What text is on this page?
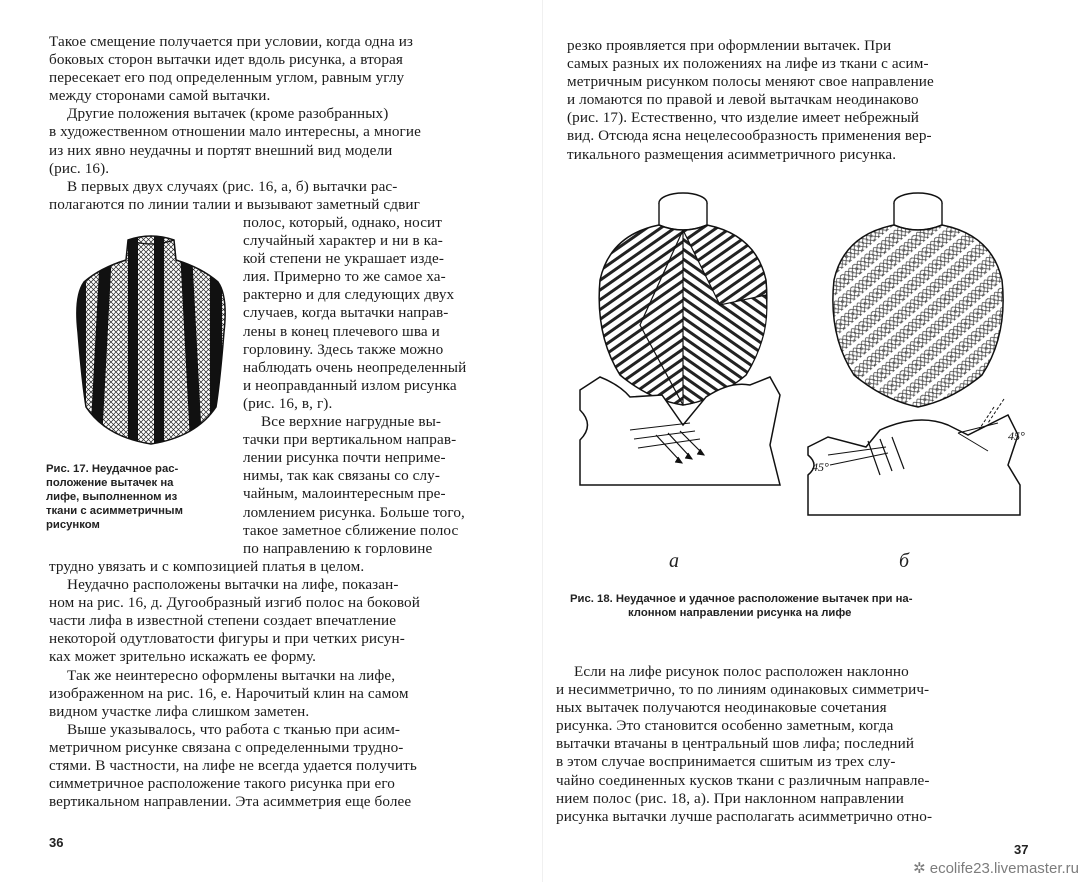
Такое смещение получается при условии, когда одна из
боковых сторон вытачки идет вдоль рисунка, а вторая
пересекает его под определенным углом, равным углу
между сторонами самой вытачки.
Другие положения вытачек (кроме разобранных)
в художественном отношении мало интересны, а многие
из них явно неудачны и портят внешний вид модели
(рис. 16).
В первых двух случаях (рис. 16, а, б) вытачки рас-
полагаются по линии талии и вызывают заметный сдвиг
полос, который, однако, носит
случайный характер и ни в ка-
кой степени не украшает изде-
лия. Примерно то же самое ха-
рактерно и для следующих двух
случаев, когда вытачки направ-
лены в конец плечевого шва и
горловину. Здесь также можно
наблюдать очень неопределенный
и неоправданный излом рисунка
(рис. 16, в, г).
Все верхние нагрудные вы-
тачки при вертикальном направ-
лении рисунка почти неприме-
нимы, так как связаны со слу-
чайным, малоинтересным пре-
ломлением рисунка. Больше того,
такое заметное сближение полос
по направлению к горловине
трудно увязать и с композицией платья в целом.
Неудачно расположены вытачки на лифе, показан-
ном на рис. 16, д. Дугообразный изгиб полос на боковой
части лифа в известной степени создает впечатление
некоторой одутловатости фигуры и при четких рисун-
ках может зрительно искажать ее форму.
Так же неинтересно оформлены вытачки на лифе,
изображенном на рис. 16, е. Нарочитый клин на самом
видном участке лифа слишком заметен.
Выше указывалось, что работа с тканью при асим-
метричном рисунке связана с определенными трудно-
стями. В частности, на лифе не всегда удается получить
симметричное расположение такого рисунка при его
вертикальном направлении. Эта асимметрия еще более
Рис. 17. Неудачное рас-
положение вытачек на
лифе, выполненном из
ткани с асимметричным
рисунком
36
резко проявляется при оформлении вытачек. При
самых разных их положениях на лифе из ткани с асим-
метричным рисунком полосы меняют свое направление
и ломаются по правой и левой вытачкам неодинаково
(рис. 17). Естественно, что изделие имеет небрежный
вид. Отсюда ясна нецелесообразность применения вер-
тикального размещения асимметричного рисунка.
45°
45°
а	б
Рис. 18. Неудачное и удачное расположение вытачек при на-
клонном направлении рисунка на лифе
Если на лифе рисунок полос расположен наклонно
и несимметрично, то по линиям одинаковых симметрич-
ных вытачек получаются неодинаковые сочетания
рисунка. Это становится особенно заметным, когда
вытачки втачаны в центральный шов лифа; последний
в этом случае воспринимается сшитым из трех слу-
чайно соединенных кусков ткани с различным направле-
нием полос (рис. 18, а). При наклонном направлении
рисунка вытачки лучше располагать асимметрично отно-
37
✲ ecolife23.livemaster.ru
